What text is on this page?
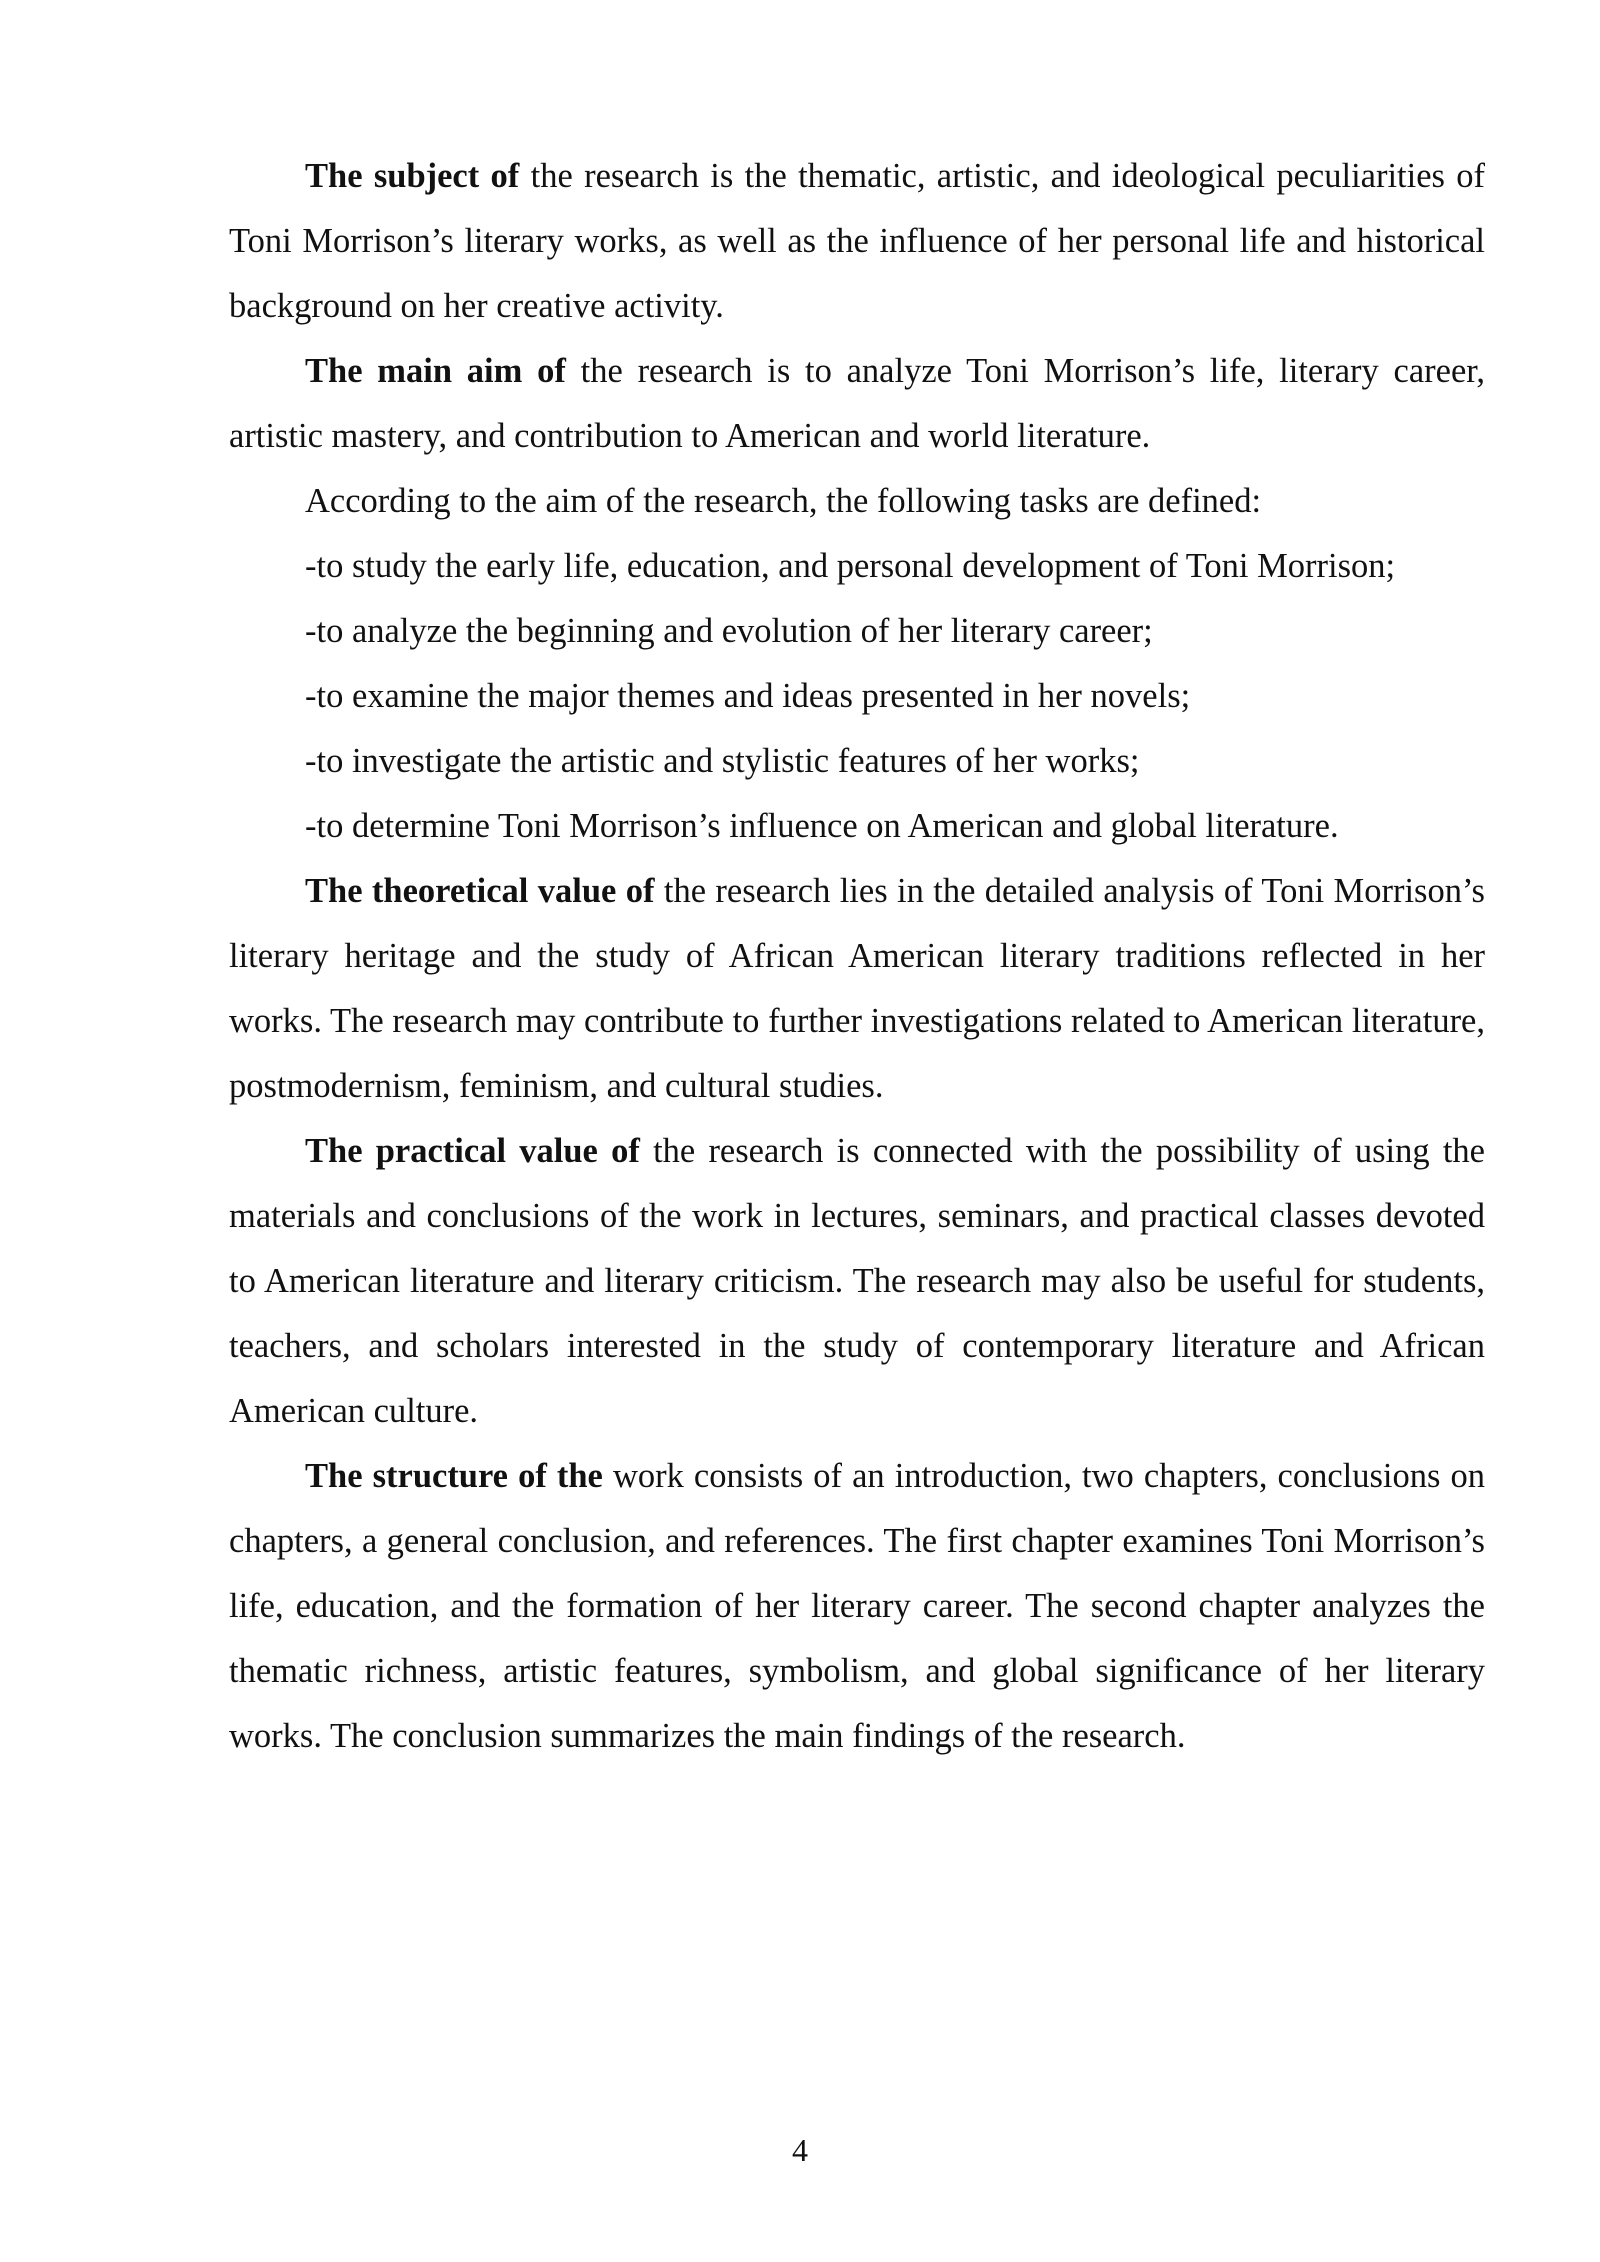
The subject of the research is the thematic, artistic, and ideological peculiarities of Toni Morrison’s literary works, as well as the influence of her personal life and historical background on her creative activity.

The main aim of the research is to analyze Toni Morrison’s life, literary career, artistic mastery, and contribution to American and world literature.

According to the aim of the research, the following tasks are defined:

-to study the early life, education, and personal development of Toni Morrison;

-to analyze the beginning and evolution of her literary career;

-to examine the major themes and ideas presented in her novels;

-to investigate the artistic and stylistic features of her works;

-to determine Toni Morrison’s influence on American and global literature.

The theoretical value of the research lies in the detailed analysis of Toni Morrison’s literary heritage and the study of African American literary traditions reflected in her works. The research may contribute to further investigations related to American literature, postmodernism, feminism, and cultural studies.

The practical value of the research is connected with the possibility of using the materials and conclusions of the work in lectures, seminars, and practical classes devoted to American literature and literary criticism. The research may also be useful for students, teachers, and scholars interested in the study of contemporary literature and African American culture.

The structure of the work consists of an introduction, two chapters, conclusions on chapters, a general conclusion, and references. The first chapter examines Toni Morrison’s life, education, and the formation of her literary career. The second chapter analyzes the thematic richness, artistic features, symbolism, and global significance of her literary works. The conclusion summarizes the main findings of the research.

4
